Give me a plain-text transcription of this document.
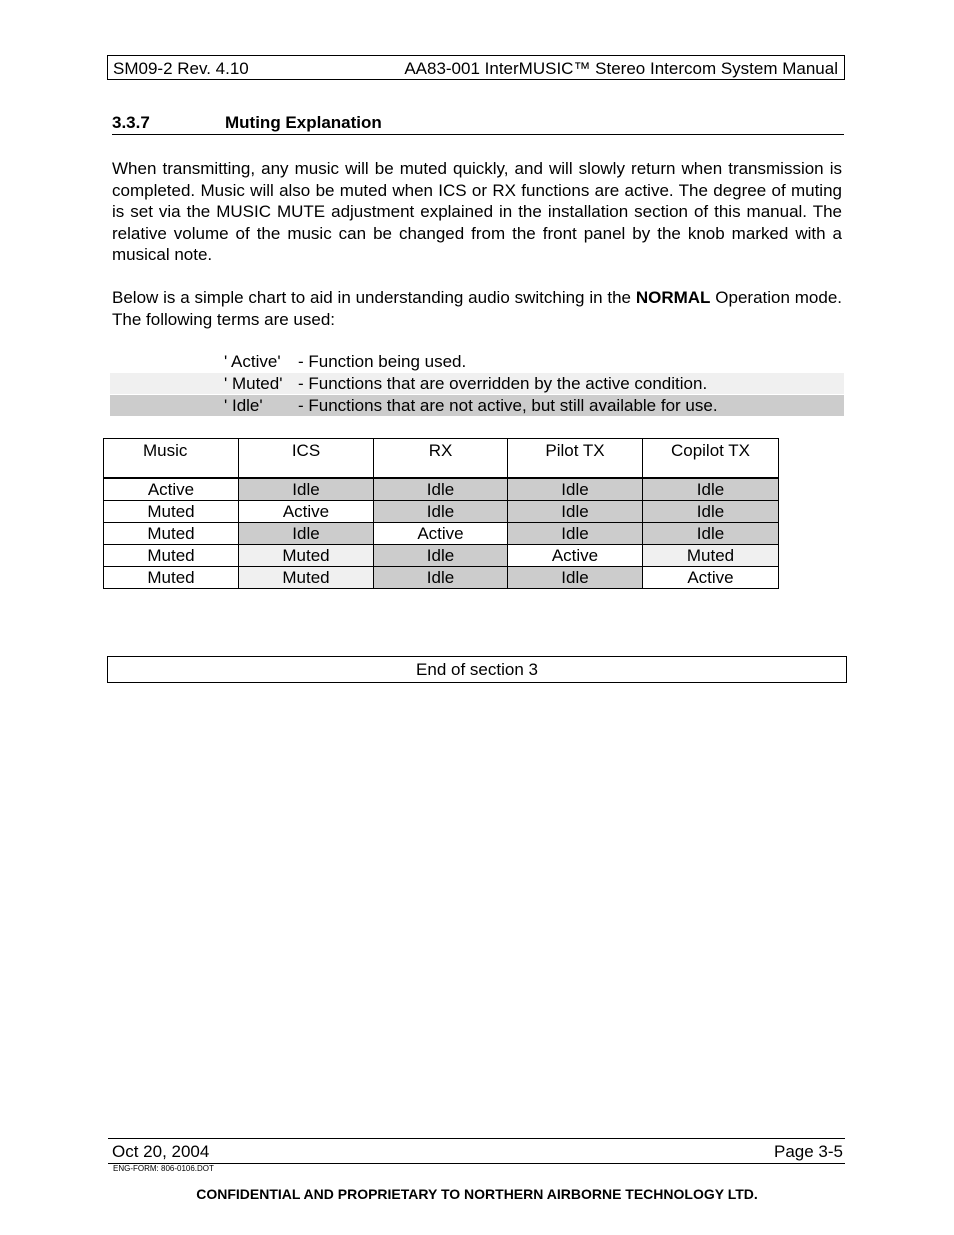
SM09-2 Rev. 4.10	AA83-001 InterMUSIC™ Stereo Intercom System Manual
3.3.7	Muting Explanation
When transmitting, any music will be muted quickly, and will slowly return when transmission is completed. Music will also be muted when ICS or RX functions are active. The degree of muting is set via the MUSIC MUTE adjustment explained in the installation section of this manual. The relative volume of the music can be changed from the front panel by the knob marked with a musical note.
Below is a simple chart to aid in understanding audio switching in the NORMAL Operation mode. The following terms are used:
' Active' - Function being used.
' Muted' - Functions that are overridden by the active condition.
' Idle' - Functions that are not active, but still available for use.
Music	ICS	RX	Pilot TX	Copilot TX
Active	Idle	Idle	Idle	Idle
Muted	Active	Idle	Idle	Idle
Muted	Idle	Active	Idle	Idle
Muted	Muted	Idle	Active	Muted
Muted	Muted	Idle	Idle	Active
End of section 3
Oct 20, 2004	Page 3-5
ENG-FORM: 806-0106.DOT
CONFIDENTIAL AND PROPRIETARY TO NORTHERN AIRBORNE TECHNOLOGY LTD.
